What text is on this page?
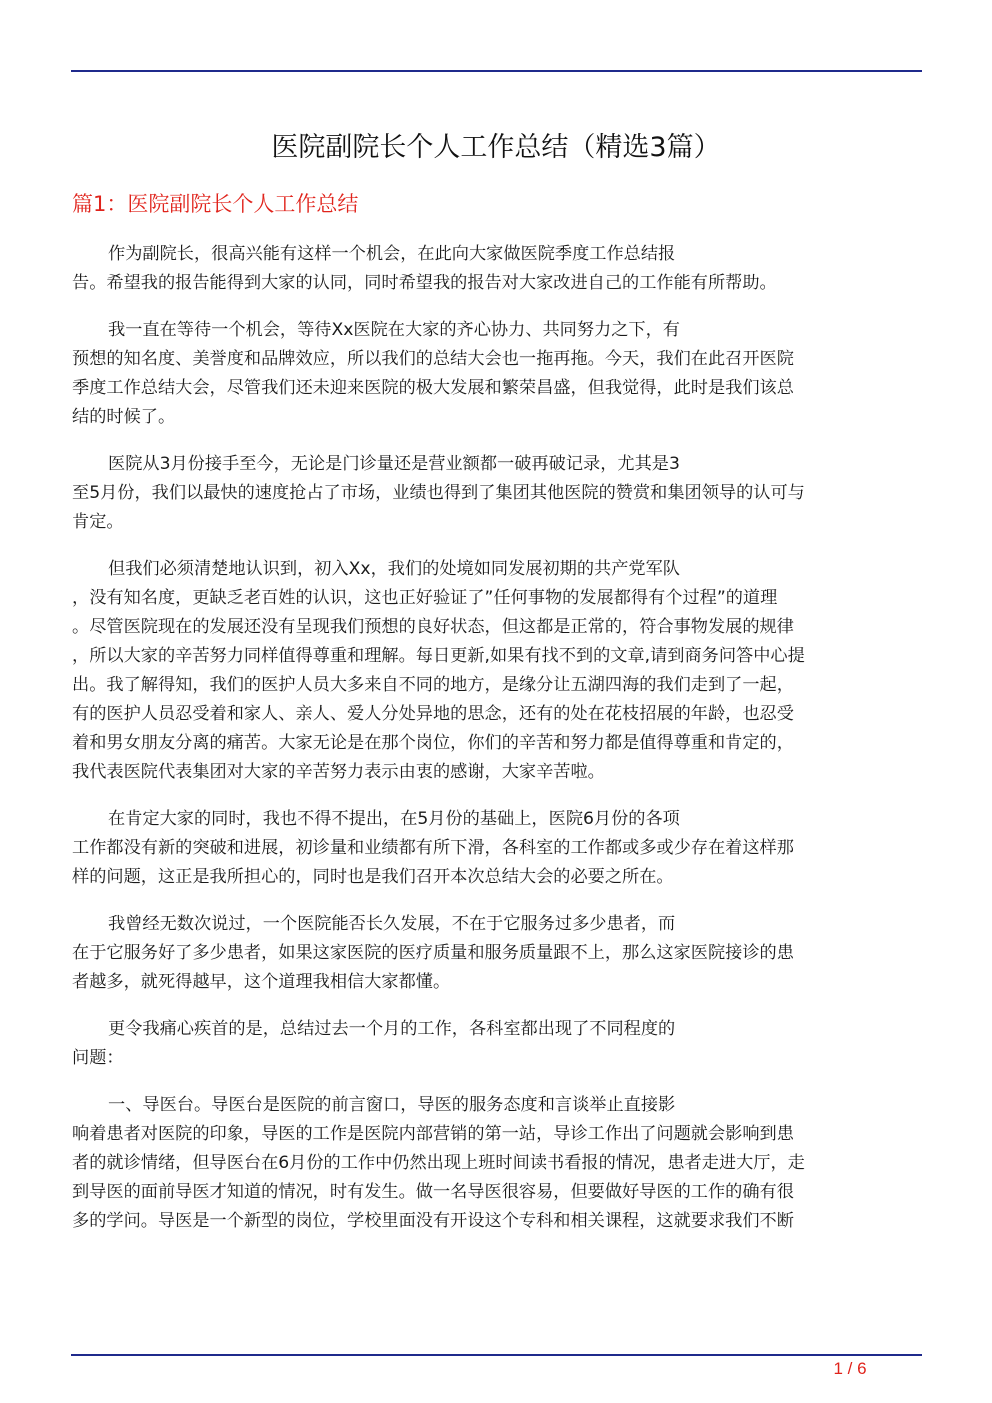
医院副院长个人工作总结（精选3篇）
篇1：医院副院长个人工作总结
作为副院长，很高兴能有这样一个机会，在此向大家做医院季度工作总结报
告。希望我的报告能得到大家的认同，同时希望我的报告对大家改进自己的工作能有所帮助。
我一直在等待一个机会，等待Xx医院在大家的齐心协力、共同努力之下，有
预想的知名度、美誉度和品牌效应，所以我们的总结大会也一拖再拖。今天，我们在此召开医院
季度工作总结大会，尽管我们还未迎来医院的极大发展和繁荣昌盛，但我觉得，此时是我们该总
结的时候了。
医院从3月份接手至今，无论是门诊量还是营业额都一破再破记录，尤其是3
至5月份，我们以最快的速度抢占了市场，业绩也得到了集团其他医院的赞赏和集团领导的认可与
肯定。
但我们必须清楚地认识到，初入Xx，我们的处境如同发展初期的共产党军队
，没有知名度，更缺乏老百姓的认识，这也正好验证了”任何事物的发展都得有个过程”的道理
。尽管医院现在的发展还没有呈现我们预想的良好状态，但这都是正常的，符合事物发展的规律
，所以大家的辛苦努力同样值得尊重和理解。每日更新,如果有找不到的文章,请到商务问答中心提
出。我了解得知，我们的医护人员大多来自不同的地方，是缘分让五湖四海的我们走到了一起，
有的医护人员忍受着和家人、亲人、爱人分处异地的思念，还有的处在花枝招展的年龄，也忍受
着和男女朋友分离的痛苦。大家无论是在那个岗位，你们的辛苦和努力都是值得尊重和肯定的，
我代表医院代表集团对大家的辛苦努力表示由衷的感谢，大家辛苦啦。
在肯定大家的同时，我也不得不提出，在5月份的基础上，医院6月份的各项
工作都没有新的突破和进展，初诊量和业绩都有所下滑，各科室的工作都或多或少存在着这样那
样的问题，这正是我所担心的，同时也是我们召开本次总结大会的必要之所在。
我曾经无数次说过，一个医院能否长久发展，不在于它服务过多少患者，而
在于它服务好了多少患者，如果这家医院的医疗质量和服务质量跟不上，那么这家医院接诊的患
者越多，就死得越早，这个道理我相信大家都懂。
更令我痛心疾首的是，总结过去一个月的工作，各科室都出现了不同程度的
问题：
一、导医台。导医台是医院的前言窗口，导医的服务态度和言谈举止直接影
响着患者对医院的印象，导医的工作是医院内部营销的第一站，导诊工作出了问题就会影响到患
者的就诊情绪，但导医台在6月份的工作中仍然出现上班时间读书看报的情况，患者走进大厅，走
到导医的面前导医才知道的情况，时有发生。做一名导医很容易，但要做好导医的工作的确有很
多的学问。导医是一个新型的岗位，学校里面没有开设这个专科和相关课程，这就要求我们不断
1 / 6
